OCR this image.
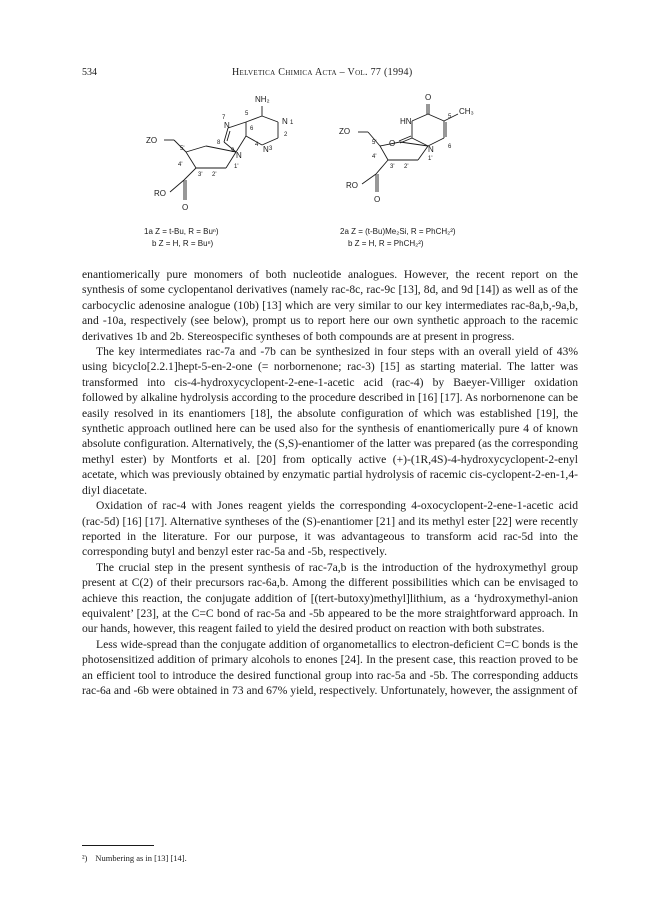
534	Helvetica Chimica Acta – Vol. 77 (1994)
NH₂
N	N
N
N
7
5
6
1
2
8
9
4
3
ZO
5'
4'
3' 2'
1'
RO
O
O
CH₃
HN	5
O
N 6
ZO
5'
4'
3' 2'
1'
RO
O
1a Z = t-Bu, R = Buⁿ)
b Z = H, R = Buⁿ)
2a Z = (t-Bu)Me₂Si, R = PhCH₂²)
b Z = H, R = PhCH₂²)

enantiomerically pure monomers of both nucleotide analogues. However, the recent report on the synthesis of some cyclopentanol derivatives (namely rac-8c, rac-9c [13], 8d, and 9d [14]) as well as of the carbocyclic adenosine analogue (10b) [13] which are very similar to our key intermediates rac-8a,b,-9a,b, and -10a, respectively (see below), prompt us to report here our own synthetic approach to the racemic derivatives 1b and 2b. Stereospecific syntheses of both compounds are at present in progress.

The key intermediates rac-7a and -7b can be synthesized in four steps with an overall yield of 43% using bicyclo[2.2.1]hept-5-en-2-one (= norbornenone; rac-3) [15] as starting material. The latter was transformed into cis-4-hydroxycyclopent-2-ene-1-acetic acid (rac-4) by Baeyer-Villiger oxidation followed by alkaline hydrolysis according to the procedure described in [16] [17]. As norbornenone can be easily resolved in its enantiomers [18], the absolute configuration of which was established [19], the synthetic approach outlined here can be used also for the synthesis of enantiomerically pure 4 of known absolute configuration. Alternatively, the (S,S)-enantiomer of the latter was prepared (as the corresponding methyl ester) by Montforts et al. [20] from optically active (+)-(1R,4S)-4-hydroxycyclopent-2-enyl acetate, which was previously obtained by enzymatic partial hydrolysis of racemic cis-cyclopent-2-en-1,4-diyl diacetate.

Oxidation of rac-4 with Jones reagent yields the corresponding 4-oxocyclopent-2-ene-1-acetic acid (rac-5d) [16] [17]. Alternative syntheses of the (S)-enantiomer [21] and its methyl ester [22] were recently reported in the literature. For our purpose, it was advantageous to transform acid rac-5d into the corresponding butyl and benzyl ester rac-5a and -5b, respectively.

The crucial step in the present synthesis of rac-7a,b is the introduction of the hydroxymethyl group present at C(2) of their precursors rac-6a,b. Among the different possibilities which can be envisaged to achieve this reaction, the conjugate addition of [(tert-butoxy)methyl]lithium, as a ‘hydroxymethyl-anion equivalent’ [23], at the C=C bond of rac-5a and -5b appeared to be the more straightforward approach. In our hands, however, this reagent failed to yield the desired product on reaction with both substrates.

Less wide-spread than the conjugate addition of organometallics to electron-deficient C=C bonds is the photosensitized addition of primary alcohols to enones [24]. In the present case, this reaction proved to be an efficient tool to introduce the desired functional group into rac-5a and -5b. The corresponding adducts rac-6a and -6b were obtained in 73 and 67% yield, respectively. Unfortunately, however, the assignment of

²) Numbering as in [13] [14].
